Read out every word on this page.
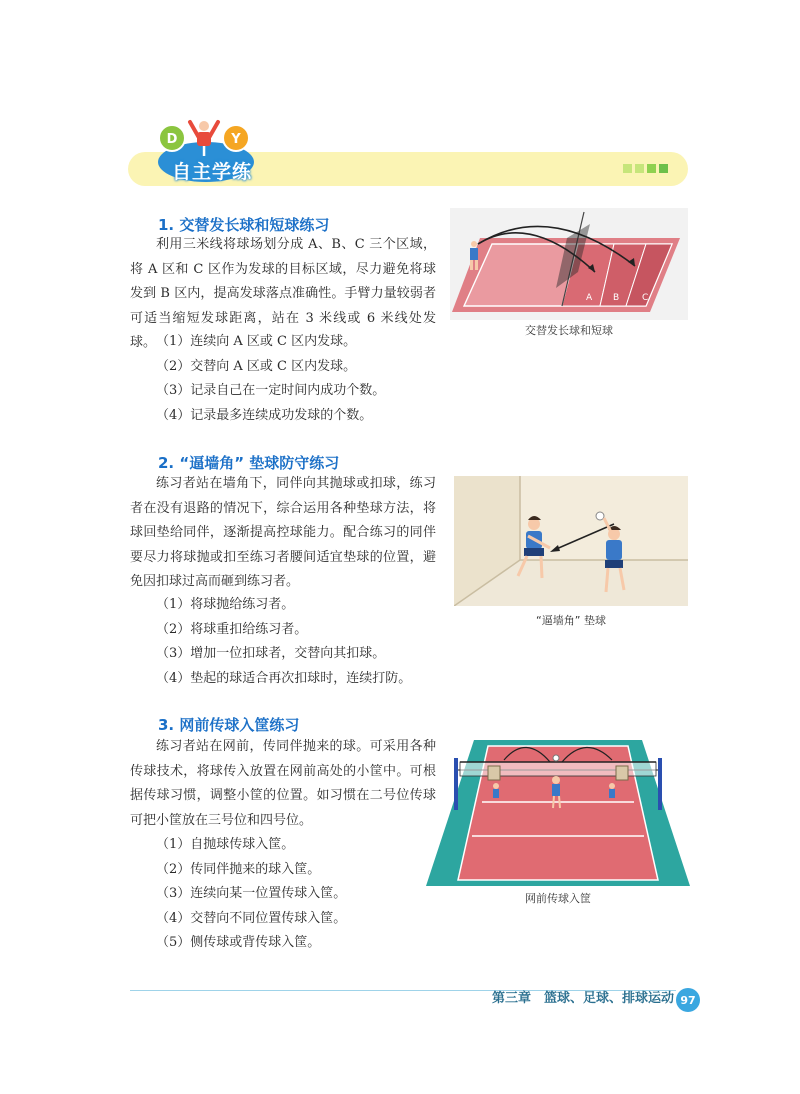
D
I
Y
自主学练
1. 交替发长球和短球练习

利用三米线将球场划分成 A、B、C 三个区域，将 A 区和 C 区作为发球的目标区域，尽力避免将球发到 B 区内，提高发球落点准确性。手臂力量较弱者可适当缩短发球距离，站在 3 米线或 6 米线处发球。 （1）连续向 A 区或 C 区内发球。
（2）交替向 A 区或 C 区内发球。
（3）记录自己在一定时间内成功个数。
（4）记录最多连续成功发球的个数。
A B	C
交替发长球和短球
2. “逼墙角” 垫球防守练习

练习者站在墙角下，同伴向其抛球或扣球，练习者在没有退路的情况下，综合运用各种垫球方法，将球回垫给同伴，逐渐提高控球能力。配合练习的同伴要尽力将球抛或扣至练习者腰间适宜垫球的位置，避免因扣球过高而砸到练习者。

（1）将球抛给练习者。
（2）将球重扣给练习者。
（3）增加一位扣球者，交替向其扣球。
（4）垫起的球适合再次扣球时，连续打防。
“逼墙角” 垫球
3. 网前传球入筐练习

练习者站在网前，传同伴抛来的球。可采用各种传球技术，将球传入放置在网前高处的小筐中。可根据传球习惯，调整小筐的位置。如习惯在二号位传球可把小筐放在三号位和四号位。

（1）自抛球传球入筐。
（2）传同伴抛来的球入筐。
（3）连续向某一位置传球入筐。
（4）交替向不同位置传球入筐。
（5）侧传球或背传球入筐。
网前传球入筐
第三章　篮球、足球、排球运动 97
